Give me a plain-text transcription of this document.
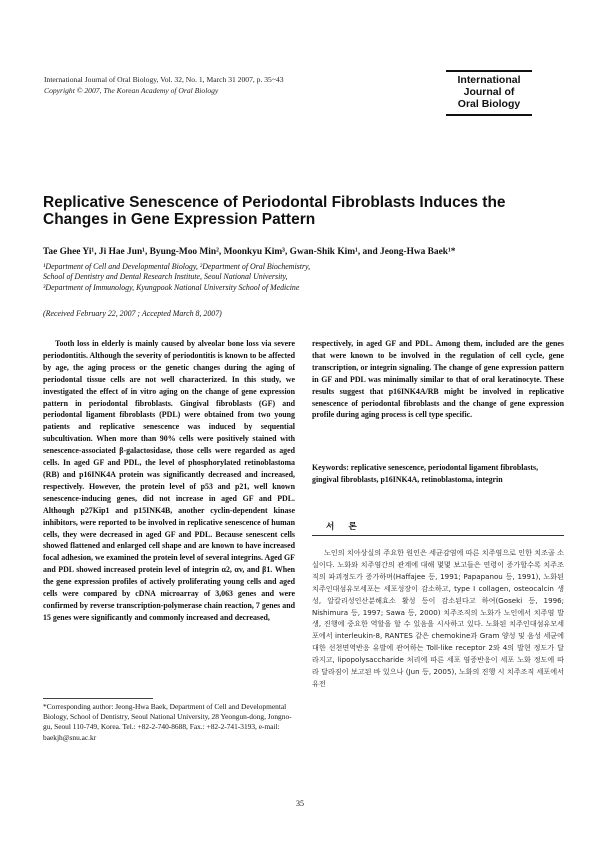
International Journal of Oral Biology, Vol. 32, No. 1, March 31 2007, p. 35~43
Copyright © 2007, The Korean Academy of Oral Biology
International
Journal of
Oral Biology
Replicative Senescence of Periodontal Fibroblasts Induces the Changes in Gene Expression Pattern
Tae Ghee Yi¹, Ji Hae Jun¹, Byung-Moo Min², Moonkyu Kim³, Gwan-Shik Kim¹, and Jeong-Hwa Baek¹*
¹Department of Cell and Developmental Biology, ²Department of Oral Biochemistry,
School of Dentistry and Dental Research Institute, Seoul National University,
³Department of Immunology, Kyungpook National University School of Medicine
(Received February 22, 2007 ; Accepted March 8, 2007)
Tooth loss in elderly is mainly caused by alveolar bone loss via severe periodontitis. Although the severity of periodontitis is known to be affected by age, the aging process or the genetic changes during the aging of periodontal tissue cells are not well characterized. In this study, we investigated the effect of in vitro aging on the change of gene expression pattern in periodontal fibroblasts. Gingival fibroblasts (GF) and periodontal ligament fibroblasts (PDL) were obtained from two young patients and replicative senescence was induced by sequential subcultivation. When more than 90% cells were positively stained with senescence-associated β-galactosidase, those cells were regarded as aged cells. In aged GF and PDL, the level of phosphorylated retinoblastoma (RB) and p16INK4A protein was significantly decreased and increased, respectively. However, the protein level of p53 and p21, well known senescence-inducing genes, did not increase in aged GF and PDL. Although p27Kip1 and p15INK4B, another cyclin-dependent kinase inhibitors, were reported to be involved in replicative senescence of human cells, they were decreased in aged GF and PDL. Because senescent cells showed flattened and enlarged cell shape and are known to have increased focal adhesion, we examined the protein level of several integrins. Aged GF and PDL showed increased protein level of integrin α2, αv, and β1. When the gene expression profiles of actively proliferating young cells and aged cells were compared by cDNA microarray of 3,063 genes and were confirmed by reverse transcription-polymerase chain reaction, 7 genes and 15 genes were significantly and commonly increased and decreased,
respectively, in aged GF and PDL. Among them, included are the genes that were known to be involved in the regulation of cell cycle, gene transcription, or integrin signaling. The change of gene expression pattern in GF and PDL was minimally similar to that of oral keratinocyte. These results suggest that p16INK4A/RB might be involved in replicative senescence of periodontal fibroblasts and the change of gene expression profile during aging process is cell type specific.
Keywords: replicative senescence, periodontal ligament fibroblasts, gingival fibroblasts, p16INK4A, retinoblastoma, integrin
서 론
노인의 치아상실의 주요한 원인은 세균감염에 따른 치주염으로 인한 치조골 소실이다. 노화와 치주염간의 관계에 대해 몇몇 보고들은 연령이 증가할수록 치주조직의 파괴정도가 증가하며(Haffajee 등, 1991; Papapanou 등, 1991), 노화된 치주인대섬유모세포는 세포성장이 감소하고, type I collagen, osteocalcin 생성, 알칼리성인산분해효소 활성 등이 감소된다고 하여(Goseki 등, 1996; Nishimura 등, 1997; Sawa 등, 2000) 치주조직의 노화가 노인에서 치주염 발생, 진행에 중요한 역할을 할 수 있음을 시사하고 있다. 노화된 치주인대섬유모세포에서 interleukin-8, RANTES 같은 chemokine과 Gram 양성 및 음성 세균에 대한 선천면역반응 유발에 관여하는 Toll-like receptor 2와 4의 발현 정도가 달라지고, lipopolysaccharide 처리에 따른 세포 염증반응이 세포 노화 정도에 따라 달라짐이 보고된 바 있으나 (Jun 등, 2005), 노화의 진행 시 치주조직 세포에서 유전
*Corresponding author: Jeong-Hwa Baek, Department of Cell and Developmental Biology, School of Dentistry, Seoul National University, 28 Yeongun-dong, Jongno-gu, Seoul 110-749, Korea. Tel.: +82-2-740-8688, Fax.: +82-2-741-3193, e-mail: baekjh@snu.ac.kr
35
